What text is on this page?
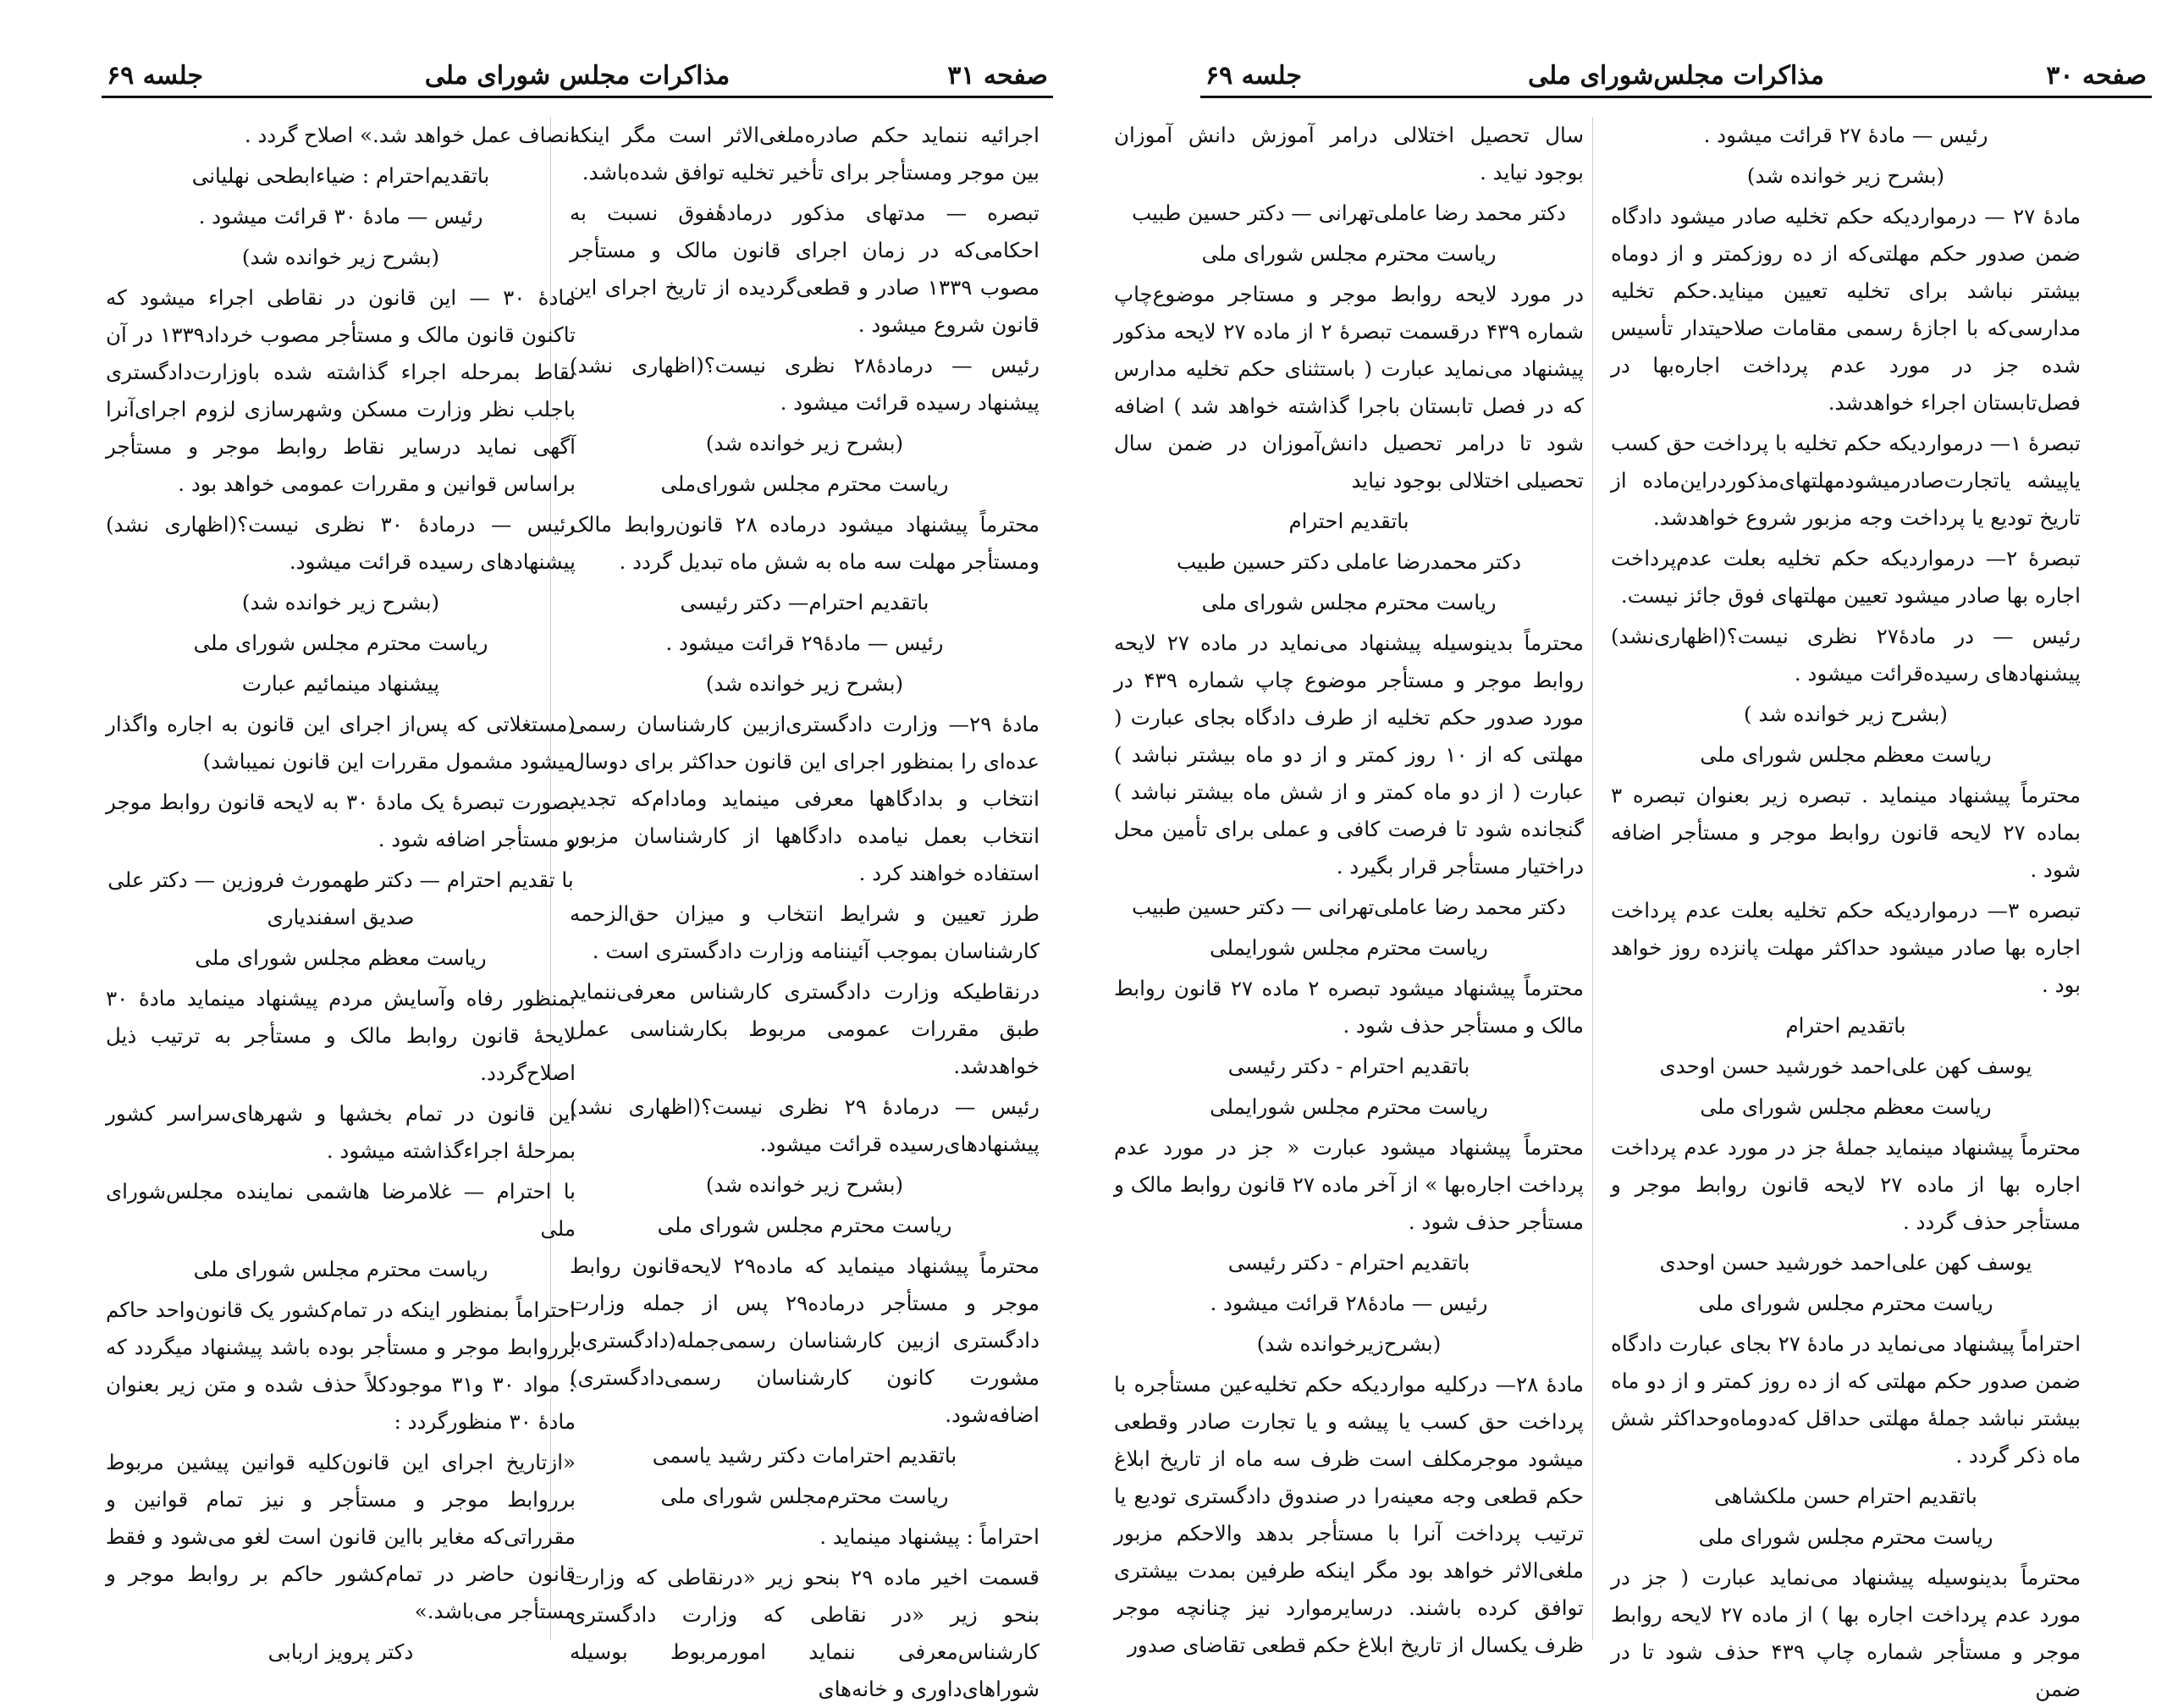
صفحه ۳۱
مذاکرات مجلس شورای ملی
جلسه ۶۹

اجرائیه ننماید حکم صادره‌ملغی‌الاثر است مگر اینکه بین موجر ومستأجر برای تأخیر تخلیه توافق شده‌باشد.

تبصره — مدتهای مذکور درمادهٔفوق نسبت به احکامی‌که در زمان اجرای قانون مالک و مستأجر مصوب ۱۳۳۹ صادر و قطعی‌گردیده از تاریخ اجرای این قانون شروع میشود .

رئیس — درمادهٔ۲۸ نظری نیست؟(اظهاری نشد) پیشنهاد رسیده قرائت میشود .

(بشرح زیر خوانده شد)

ریاست محترم مجلس شورای‌ملی

محترماً پیشنهاد میشود درماده ۲۸ قانون‌روابط مالک ومستأجر مهلت سه ماه به شش ماه تبدیل گردد .

باتقدیم احترام— دکتر رئیسی

رئیس — مادهٔ۲۹ قرائت میشود .

(بشرح زیر خوانده شد)

مادهٔ ۲۹— وزارت دادگستری‌ازبین کارشناسان رسمی عده‌ای را بمنظور اجرای این قانون حداکثر برای دوسال انتخاب و بدادگاهها معرفی مینماید ومادام‌که تجدید انتخاب بعمل نیامده دادگاهها از کارشناسان مزبور استفاده خواهند کرد .

طرز تعیین و شرایط انتخاب و میزان حق‌الزحمه کارشناسان بموجب آئیننامه وزارت دادگستری است .

درنقاطیکه وزارت دادگستری کارشناس معرفی‌ننماید طبق مقررات عمومی مربوط بکارشناسی عمل خواهدشد.

رئیس — درمادهٔ ۲۹ نظری نیست؟(اظهاری نشد) پیشنهادهای‌رسیده قرائت میشود.

(بشرح زیر خوانده شد)

ریاست محترم مجلس شورای ملی

محترماً پیشنهاد مینماید که ماده۲۹ لایحه‌قانون روابط موجر و مستأجر درماده۲۹ پس از جمله وزارت دادگستری ازبین کارشناسان رسمی‌جمله(دادگستری‌با مشورت کانون کارشناسان رسمی‌دادگستری) اضافه‌شود.

باتقدیم احترامات دکتر رشید یاسمی

ریاست محترم‌مجلس شورای ملی

احتراماً : پیشنهاد مینماید .

قسمت اخیر ماده ۲۹ بنحو زیر «درنقاطی که وزارت بنحو زیر «در نقاطی که وزارت دادگستری کارشناس‌معرفی ننماید امورمربوط بوسیله شوراهای‌داوری و خانه‌های

انصاف عمل خواهد شد.» اصلاح گردد .

باتقدیم‌احترام : ضیاءابطحی نهلیانی

رئیس — مادهٔ ۳۰ قرائت میشود .

(بشرح زیر خوانده شد)

مادهٔ ۳۰ — این قانون در نقاطی اجراء میشود که تاکنون قانون مالک و مستأجر مصوب خرداد۱۳۳۹ در آن نقاط بمرحله اجراء گذاشته شده باوزارت‌دادگستری باجلب نظر وزارت مسکن وشهرسازی لزوم اجرای‌آنرا آگهی نماید درسایر نقاط روابط موجر و مستأجر براساس قوانین و مقررات عمومی خواهد بود .

رئیس — درمادهٔ ۳۰ نظری نیست؟(اظهاری نشد) پیشنهادهای رسیده قرائت میشود.

(بشرح زیر خوانده شد)

ریاست محترم مجلس شورای ملی

پیشنهاد مینمائیم عبارت

(مستغلاتی که پس‌از اجرای این قانون به اجاره واگذار میشود مشمول مقررات این قانون نمیباشد)

بصورت تبصرهٔ یک مادهٔ ۳۰ به لایحه قانون روابط موجر و مستأجر اضافه شود .

با تقدیم احترام — دکتر طهمورث فروزین — دکتر علی صدیق اسفندیاری

ریاست معظم مجلس شورای ملی

بمنظور رفاه وآسایش مردم پیشنهاد مینماید مادهٔ ۳۰ لایحهٔ قانون روابط مالک و مستأجر به ترتیب ذیل اصلاح‌گردد.

این قانون در تمام بخشها و شهرهای‌سراسر کشور بمرحلهٔ اجراءگذاشته میشود .

با احترام — غلامرضا هاشمی نماینده مجلس‌شورای ملی

ریاست محترم مجلس شورای ملی

احتراماً بمنظور اینکه در تمام‌کشور یک قانون‌واحد حاکم برروابط موجر و مستأجر بوده باشد پیشنهاد میگردد که : مواد ۳۰ و۳۱ موجودکلاً حذف شده و متن زیر بعنوان مادهٔ ۳۰ منظورگردد :

«ازتاریخ اجرای این قانون‌کلیه قوانین پیشین مربوط برروابط موجر و مستأجر و نیز تمام قوانین و مقرراتی‌که مغایر بااین قانون است لغو می‌شود و فقط قانون حاضر در تمام‌کشور حاکم بر روابط موجر و مستأجر می‌باشد.»

دکتر پرویز اربابی

صفحه ۳۰
مذاکرات مجلس‌شورای ملی
جلسه ۶۹

رئیس — مادهٔ ۲۷ قرائت میشود .

(بشرح زیر خوانده شد)

مادهٔ ۲۷ — درمواردیکه حکم تخلیه صادر میشود دادگاه ضمن صدور حکم مهلتی‌که از ده روزکمتر و از دوماه بیشتر نباشد برای تخلیه تعیین میناید.حکم تخلیه مدارسی‌که با اجازهٔ رسمی مقامات صلاحیتدار تأسیس شده جز در مورد عدم پرداخت اجاره‌بها در فصل‌تابستان اجراء خواهدشد.

تبصرهٔ ۱— درمواردیکه حکم تخلیه با پرداخت حق کسب یاپیشه یاتجارت‌صادرمیشودمهلتهای‌مذکوردراین‌ماده از تاریخ تودیع یا پرداخت وجه مزبور شروع خواهدشد.

تبصرهٔ ۲— درمواردیکه حکم تخلیه بعلت عدم‌پرداخت اجاره بها صادر میشود تعیین مهلتهای فوق جائز نیست.

رئیس — در مادهٔ۲۷ نظری نیست؟(اظهاری‌نشد) پیشنهادهای رسیده‌قرائت میشود .

(بشرح زیر خوانده شد )

ریاست معظم مجلس شورای ملی

محترماً پیشنهاد مینماید . تبصره زیر بعنوان تبصره ۳ بماده ۲۷ لایحه قانون روابط موجر و مستأجر اضافه شود .

تبصره ۳— درمواردیکه حکم تخلیه بعلت عدم پرداخت اجاره بها صادر میشود حداکثر مهلت پانزده روز خواهد بود .

باتقدیم احترام

یوسف کهن علی‌احمد خورشید حسن اوحدی

ریاست معظم مجلس شورای ملی

محترماً پیشنهاد مینماید جملهٔ جز در مورد عدم پرداخت اجاره بها از ماده ۲۷ لایحه قانون روابط موجر و مستأجر حذف گردد .

یوسف کهن علی‌احمد خورشید حسن اوحدی

ریاست محترم مجلس شورای ملی

احتراماً پیشنهاد می‌نماید در مادهٔ ۲۷ بجای عبارت دادگاه ضمن صدور حکم مهلتی که از ده روز کمتر و از دو ماه بیشتر نباشد جملهٔ مهلتی حداقل که‌دوماه‌وحداکثر شش ماه ذکر گردد .

باتقدیم احترام حسن ملکشاهی

ریاست محترم مجلس شورای ملی

محترماً بدینوسیله پیشنهاد می‌نماید عبارت ( جز در مورد عدم پرداخت اجاره بها ) از ماده ۲۷ لایحه روابط موجر و مستأجر شماره چاپ ۴۳۹ حذف شود تا در ضمن

سال تحصیل اختلالی درامر آموزش دانش آموزان بوجود نیاید .

دکتر محمد رضا عاملی‌تهرانی — دکتر حسین طبیب

ریاست محترم مجلس شورای ملی

در مورد لایحه روابط موجر و مستاجر موضوع‌چاپ شماره ۴۳۹ درقسمت تبصرهٔ ۲ از ماده ۲۷ لایحه مذکور پیشنهاد می‌نماید عبارت ( باستثنای حکم تخلیه مدارس که در فصل تابستان باجرا گذاشته خواهد شد ) اضافه شود تا درامر تحصیل دانش‌آموزان در ضمن سال تحصیلی اختلالی بوجود نیاید

باتقدیم احترام

دکتر محمدرضا عاملی دکتر حسین طبیب

ریاست محترم مجلس شورای ملی

محترماً بدینوسیله پیشنهاد می‌نماید در ماده ۲۷ لایحه روابط موجر و مستأجر موضوع چاپ شماره ۴۳۹ در مورد صدور حکم تخلیه از طرف دادگاه بجای عبارت ( مهلتی که از ۱۰ روز کمتر و از دو ماه بیشتر نباشد ) عبارت ( از دو ماه کمتر و از شش ماه بیشتر نباشد ) گنجانده شود تا فرصت کافی و عملی برای تأمین محل دراختیار مستأجر قرار بگیرد .

دکتر محمد رضا عاملی‌تهرانی — دکتر حسین طبیب

ریاست محترم مجلس شورایملی

محترماً پیشنهاد میشود تبصره ۲ ماده ۲۷ قانون روابط مالک و مستأجر حذف شود .

باتقدیم احترام - دکتر رئیسی

ریاست محترم مجلس شورایملی

محترماً پیشنهاد میشود عبارت « جز در مورد عدم پرداخت اجاره‌بها » از آخر ماده ۲۷ قانون روابط مالک و مستأجر حذف شود .

باتقدیم احترام - دکتر رئیسی

رئیس — مادهٔ۲۸ قرائت میشود .

(بشرح‌زیرخوانده شد)

مادهٔ ۲۸— درکلیه مواردیکه حکم تخلیه‌عین مستأجره با پرداخت حق کسب یا پیشه و یا تجارت صادر وقطعی میشود موجرمکلف است ظرف سه ماه از تاریخ ابلاغ حکم قطعی وجه معینه‌را در صندوق دادگستری تودیع یا ترتیب پرداخت آنرا با مستأجر بدهد والاحکم مزبور ملغی‌الاثر خواهد بود مگر اینکه طرفین بمدت بیشتری توافق کرده باشند. درسایرموارد نیز چنانچه موجر ظرف یکسال از تاریخ ابلاغ حکم قطعی تقاضای صدور
